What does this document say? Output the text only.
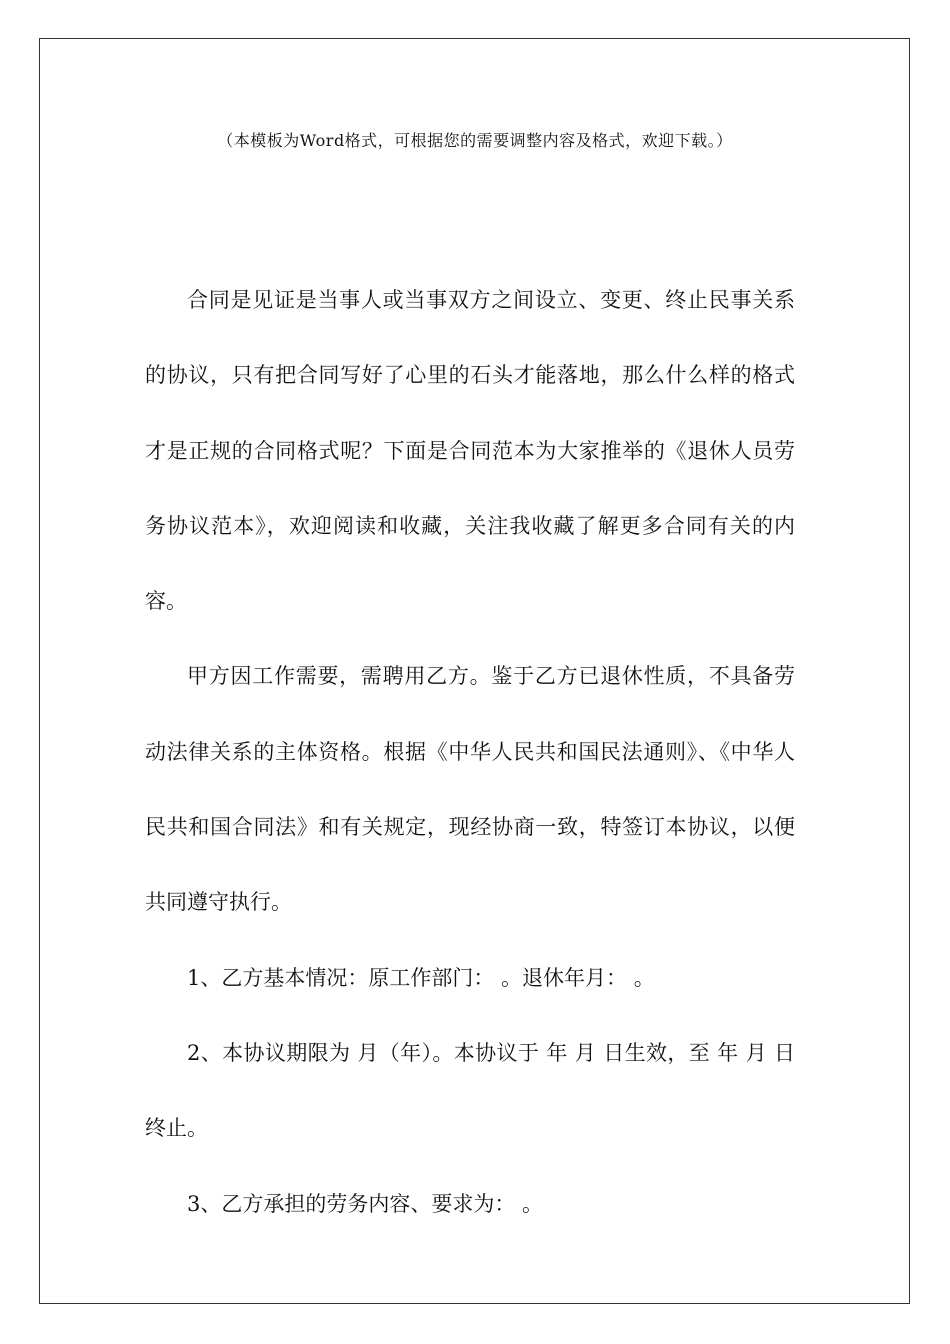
（本模板为Word格式，可根据您的需要调整内容及格式，欢迎下载。）

合同是见证是当事人或当事双方之间设立、变更、终止民事关系的协议，只有把合同写好了心里的石头才能落地，那么什么样的格式才是正规的合同格式呢？下面是合同范本为大家推举的《退休人员劳务协议范本》，欢迎阅读和收藏，关注我收藏了解更多合同有关的内容。

甲方因工作需要，需聘用乙方。鉴于乙方已退休性质，不具备劳动法律关系的主体资格。根据《中华人民共和国民法通则》、《中华人民共和国合同法》和有关规定，现经协商一致，特签订本协议，以便共同遵守执行。

1、乙方基本情况：原工作部门： 。退休年月： 。

2、本协议期限为 月（年）。本协议于 年 月 日生效，至 年 月 日终止。

3、乙方承担的劳务内容、要求为： 。
